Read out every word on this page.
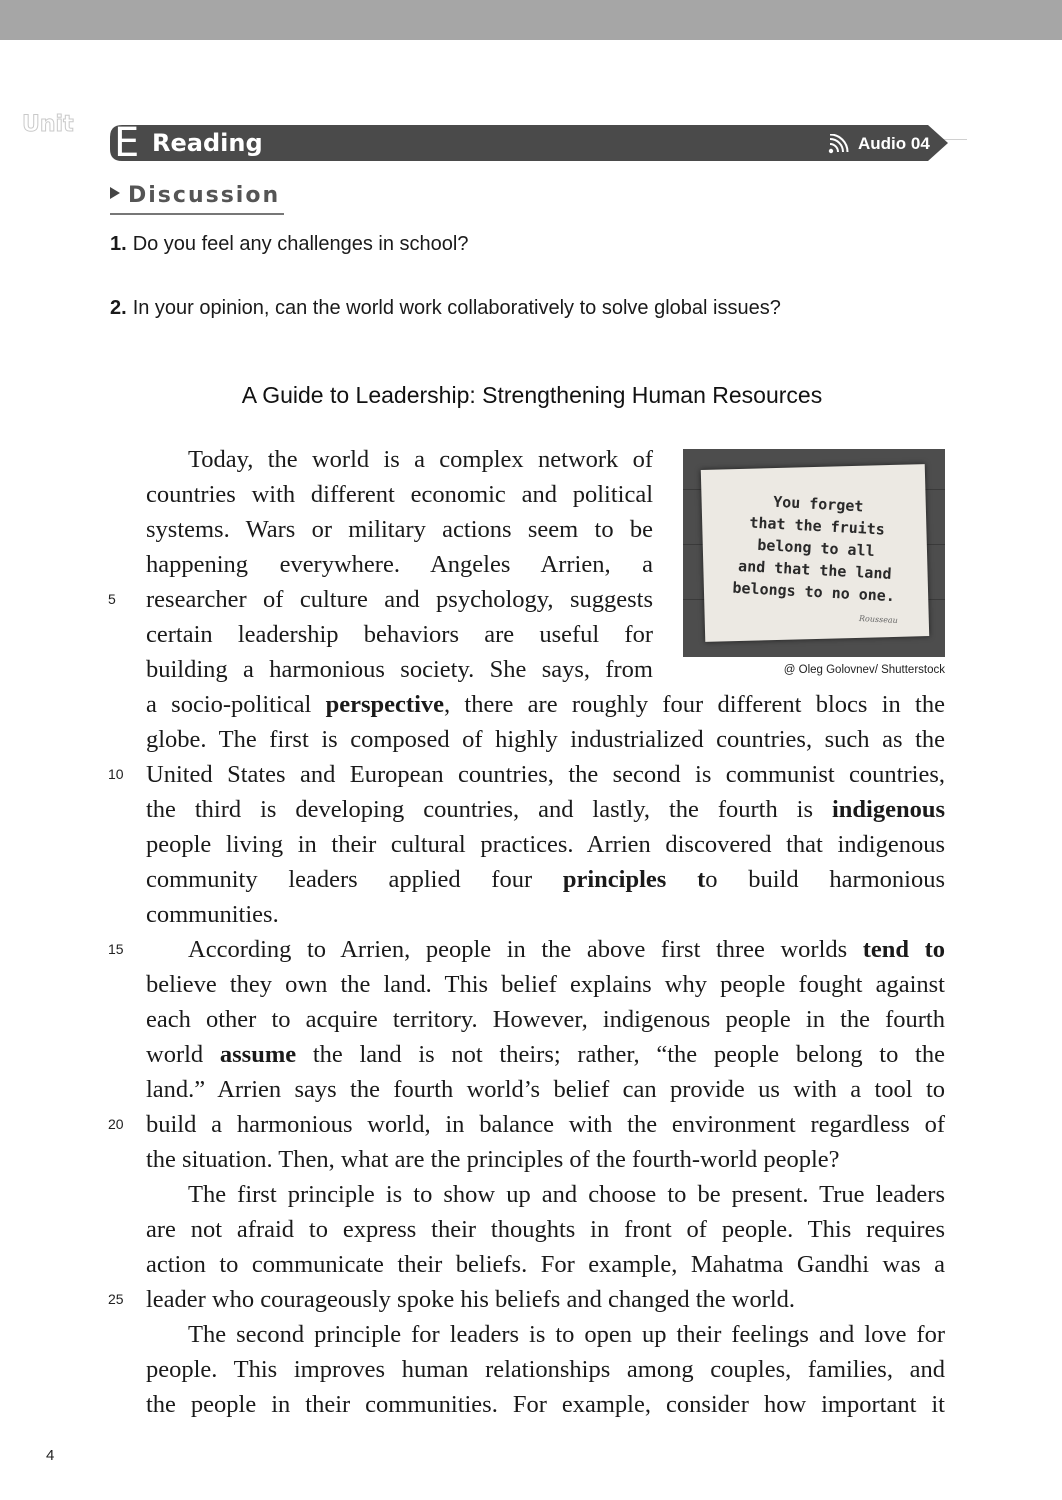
Unit E Reading	Audio 04
Discussion
1. Do you feel any challenges in school?
2. In your opinion, can the world work collaboratively to solve global issues?
A Guide to Leadership: Strengthening Human Resources
Today, the world is a complex network of
countries with different economic and political
systems. Wars or military actions seem to be
happening everywhere. Angeles Arrien, a
researcher of culture and psychology, suggests
5
certain leadership behaviors are useful for
building a harmonious society. She says, from
a socio-political perspective, there are roughly four different blocs in the
globe. The first is composed of highly industrialized countries, such as the
United States and European countries, the second is communist countries,
10
the third is developing countries, and lastly, the fourth is indigenous
people living in their cultural practices. Arrien discovered that indigenous
community leaders applied four principles to build harmonious
communities.
According to Arrien, people in the above first three worlds tend to
15
believe they own the land. This belief explains why people fought against
each other to acquire territory. However, indigenous people in the fourth
world assume the land is not theirs; rather, “the people belong to the
land.” Arrien says the fourth world’s belief can provide us with a tool to
build a harmonious world, in balance with the environment regardless of
20
the situation. Then, what are the principles of the fourth-world people?
The first principle is to show up and choose to be present. True leaders
are not afraid to express their thoughts in front of people. This requires
action to communicate their beliefs. For example, Mahatma Gandhi was a
leader who courageously spoke his beliefs and changed the world.
25
The second principle for leaders is to open up their feelings and love for
people. This improves human relationships among couples, families, and
the people in their communities. For example, consider how important it
You forget
that the fruits
belong to all
and that the land
belongs to no one.
Rousseau
@ Oleg Golovnev/ Shutterstock
4
